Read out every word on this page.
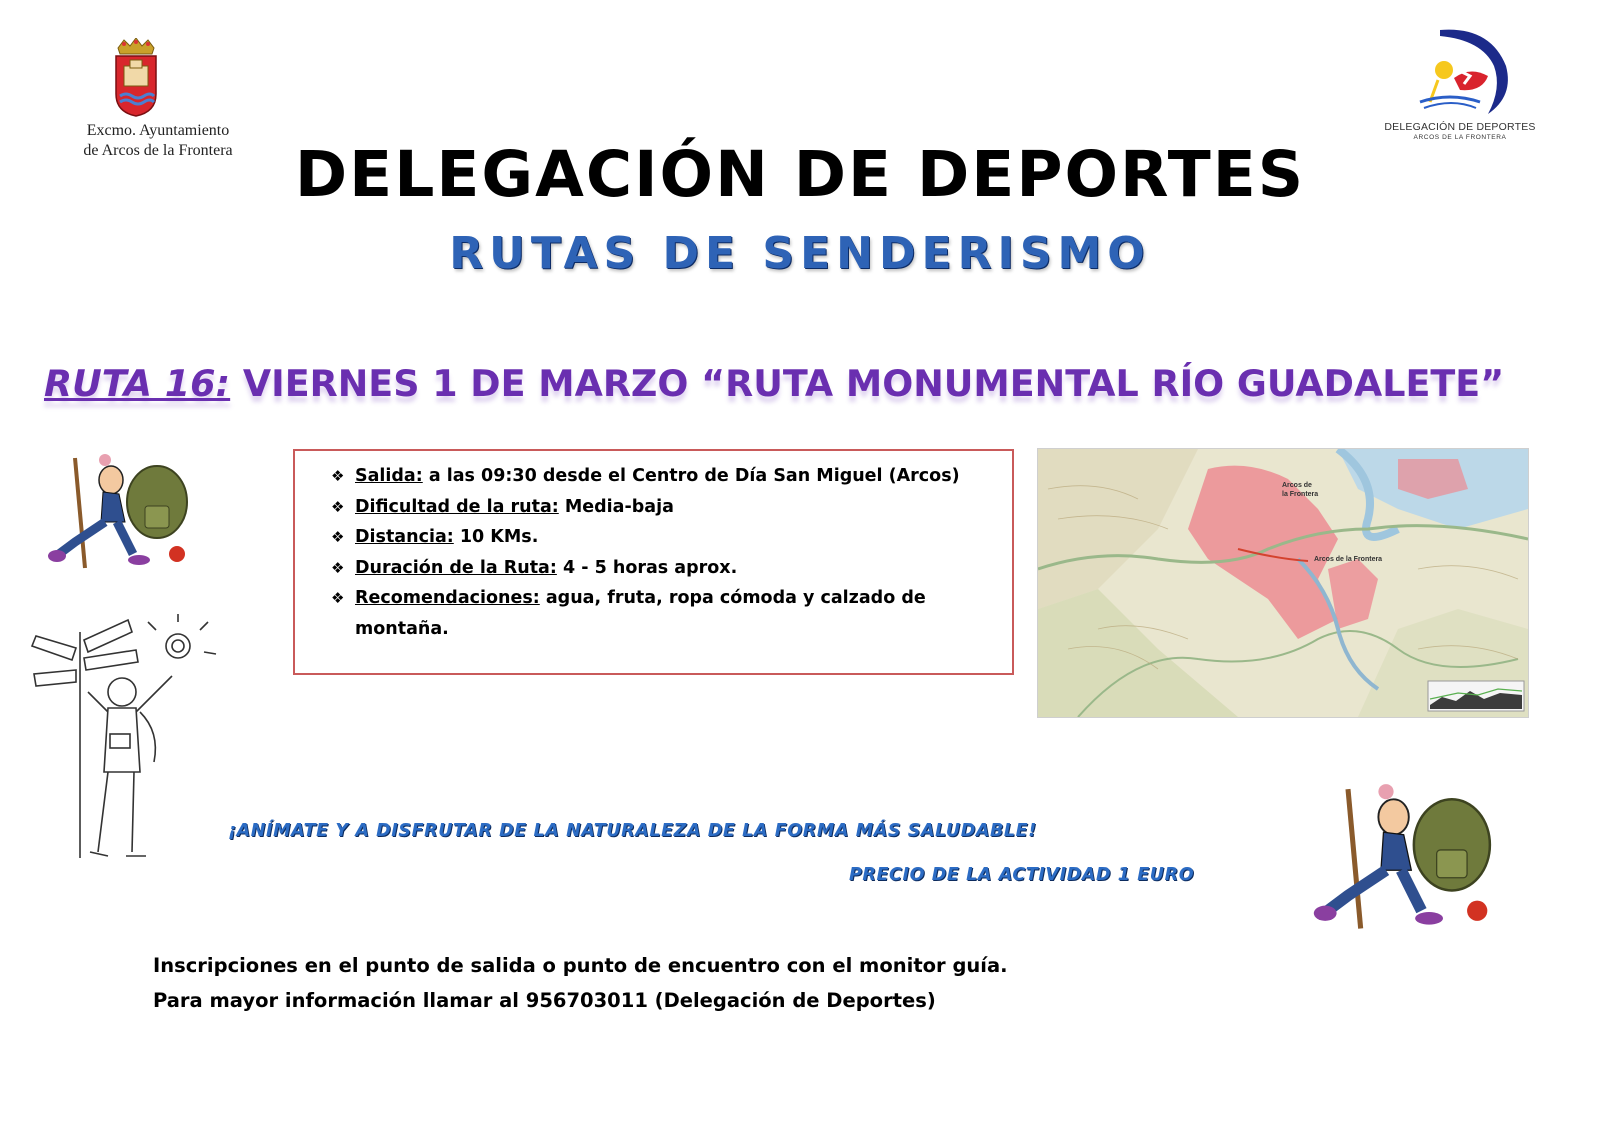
Excmo. Ayuntamiento
de Arcos de la Frontera
DELEGACIÓN DE DEPORTES
ARCOS DE LA FRONTERA
DELEGACIÓN DE DEPORTES
RUTAS DE SENDERISMO
RUTA 16: VIERNES 1 DE MARZO “RUTA MONUMENTAL RÍO GUADALETE”
❖ Salida: a las 09:30 desde el Centro de Día San Miguel (Arcos)
❖ Dificultad de la ruta: Media-baja
❖ Distancia: 10 KMs.
❖ Duración de la Ruta: 4 - 5 horas aprox.
❖ Recomendaciones: agua, fruta, ropa cómoda y calzado de montaña.
Arcos de
la Frontera
Arcos de la Frontera
¡ANÍMATE Y A DISFRUTAR DE LA NATURALEZA DE LA FORMA MÁS SALUDABLE!
PRECIO DE LA ACTIVIDAD 1 EURO
Inscripciones en el punto de salida o punto de encuentro con el monitor guía.
Para mayor información llamar al 956703011 (Delegación de Deportes)
